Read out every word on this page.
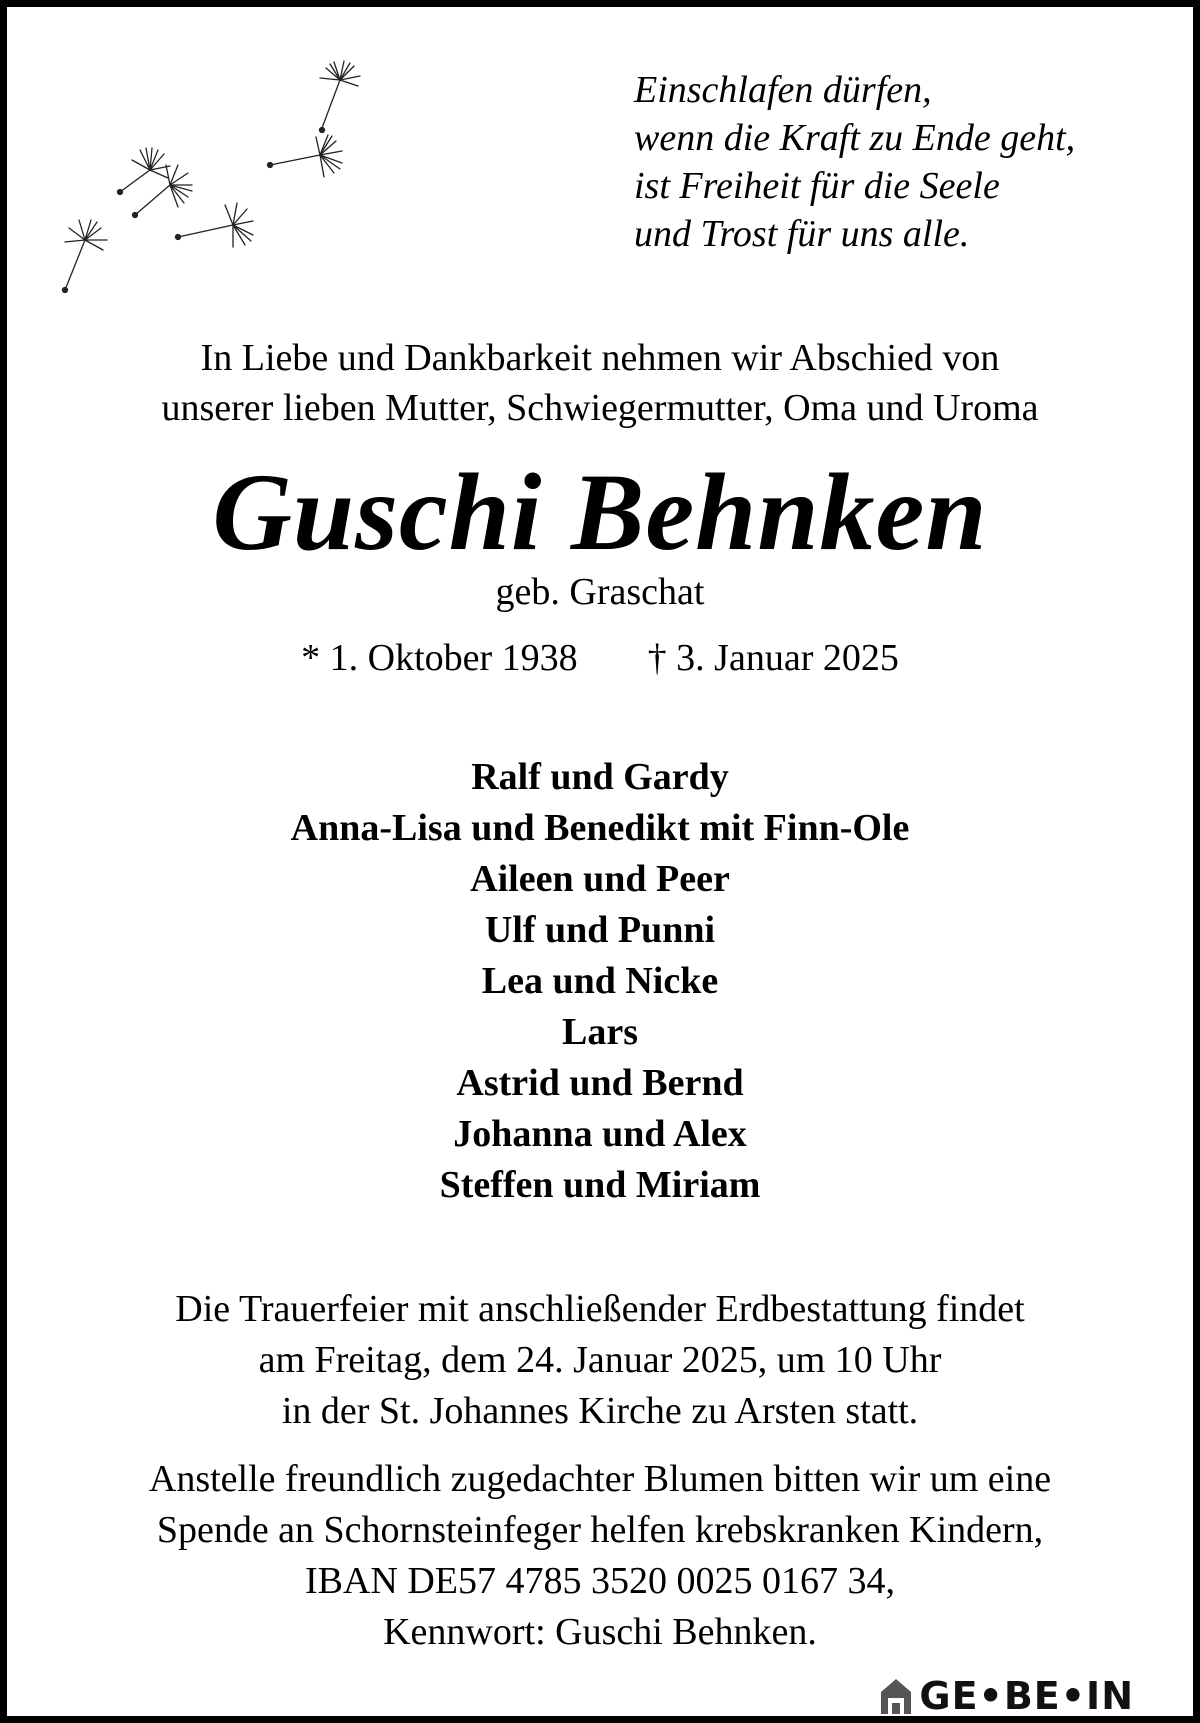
Einschlafen dürfen,
wenn die Kraft zu Ende geht,
ist Freiheit für die Seele
und Trost für uns alle.
In Liebe und Dankbarkeit nehmen wir Abschied von
unserer lieben Mutter, Schwiegermutter, Oma und Uroma
Guschi Behnken
geb. Graschat
* 1. Oktober 1938 † 3. Januar 2025
Ralf und Gardy
Anna-Lisa und Benedikt mit Finn-Ole
Aileen und Peer
Ulf und Punni
Lea und Nicke
Lars
Astrid und Bernd
Johanna und Alex
Steffen und Miriam
Die Trauerfeier mit anschließender Erdbestattung findet
am Freitag, dem 24. Januar 2025, um 10 Uhr
in der St. Johannes Kirche zu Arsten statt.
Anstelle freundlich zugedachter Blumen bitten wir um eine
Spende an Schornsteinfeger helfen krebskranken Kindern,
IBAN DE57 4785 3520 0025 0167 34,
Kennwort: Guschi Behnken.
GE•BE•IN
